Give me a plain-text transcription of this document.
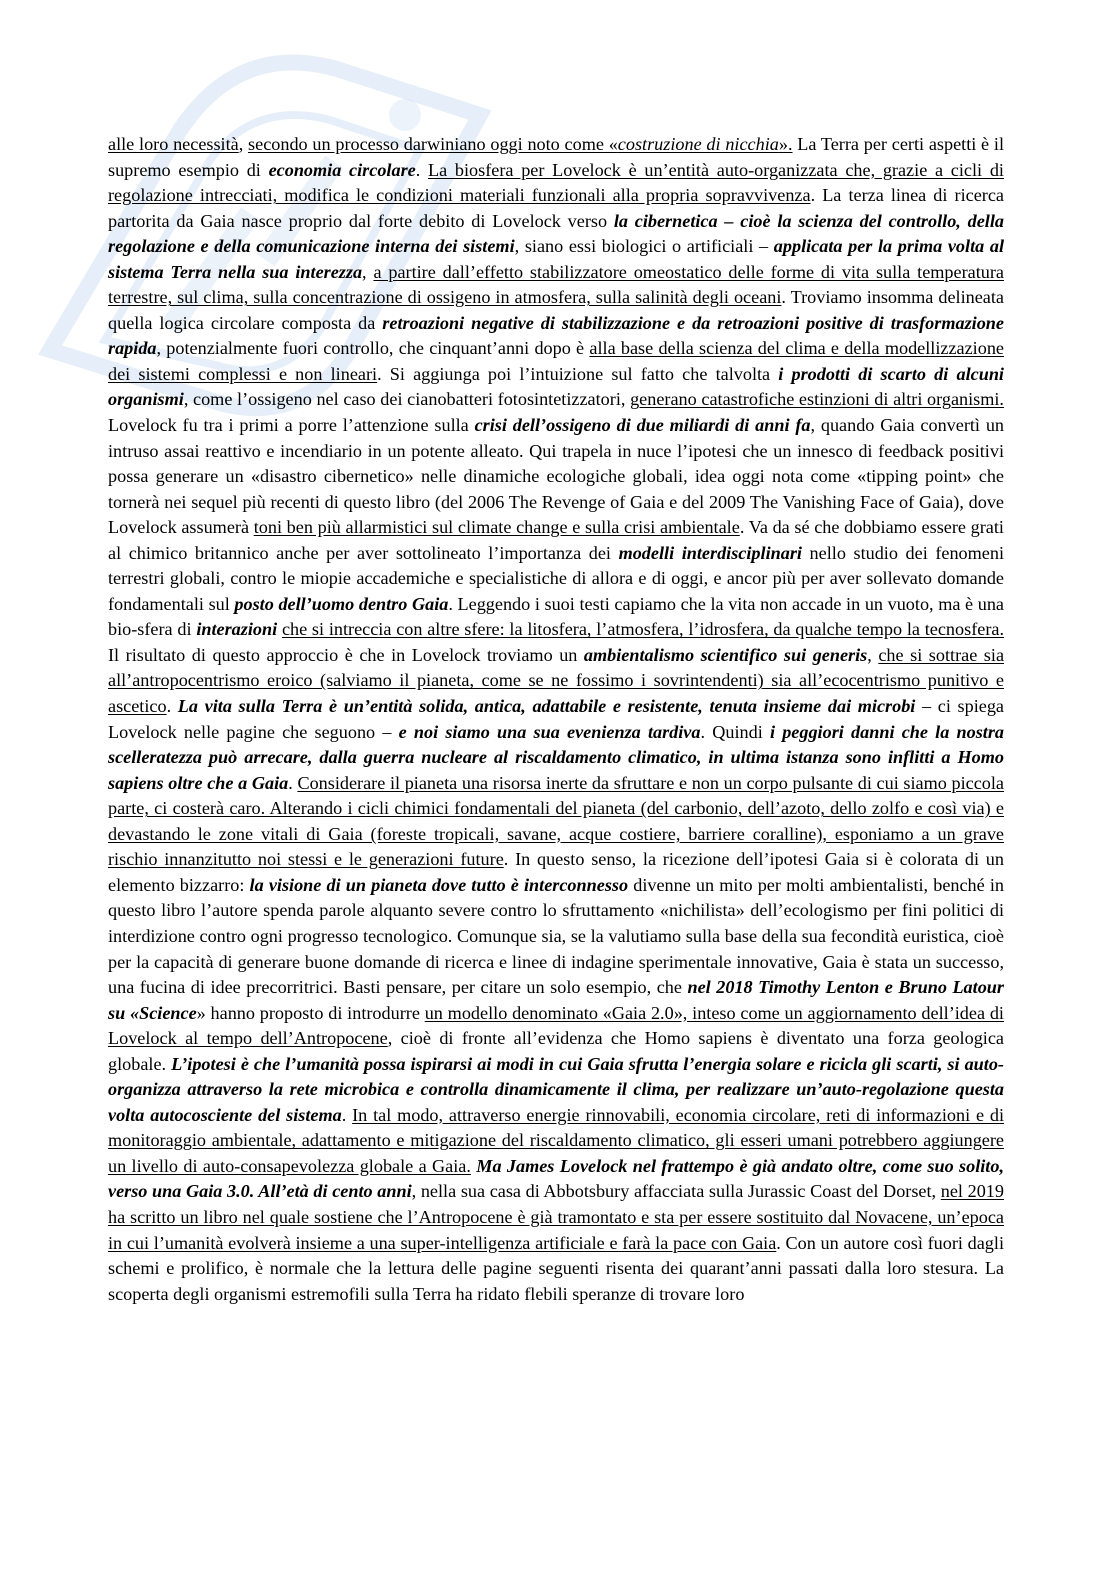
alle loro necessità, secondo un processo darwiniano oggi noto come «costruzione di nicchia». La Terra per certi aspetti è il supremo esempio di economia circolare. La biosfera per Lovelock è un’entità auto-organizzata che, grazie a cicli di regolazione intrecciati, modifica le condizioni materiali funzionali alla propria sopravvivenza. La terza linea di ricerca partorita da Gaia nasce proprio dal forte debito di Lovelock verso la cibernetica – cioè la scienza del controllo, della regolazione e della comunicazione interna dei sistemi, siano essi biologici o artificiali – applicata per la prima volta al sistema Terra nella sua interezza, a partire dall’effetto stabilizzatore omeostatico delle forme di vita sulla temperatura terrestre, sul clima, sulla concentrazione di ossigeno in atmosfera, sulla salinità degli oceani. Troviamo insomma delineata quella logica circolare composta da retroazioni negative di stabilizzazione e da retroazioni positive di trasformazione rapida, potenzialmente fuori controllo, che cinquant’anni dopo è alla base della scienza del clima e della modellizzazione dei sistemi complessi e non lineari. Si aggiunga poi l’intuizione sul fatto che talvolta i prodotti di scarto di alcuni organismi, come l’ossigeno nel caso dei cianobatteri fotosintetizzatori, generano catastrofiche estinzioni di altri organismi. Lovelock fu tra i primi a porre l’attenzione sulla crisi dell’ossigeno di due miliardi di anni fa, quando Gaia convertì un intruso assai reattivo e incendiario in un potente alleato. Qui trapela in nuce l’ipotesi che un innesco di feedback positivi possa generare un «disastro cibernetico» nelle dinamiche ecologiche globali, idea oggi nota come «tipping point» che tornerà nei sequel più recenti di questo libro (del 2006 The Revenge of Gaia e del 2009 The Vanishing Face of Gaia), dove Lovelock assumerà toni ben più allarmistici sul climate change e sulla crisi ambientale. Va da sé che dobbiamo essere grati al chimico britannico anche per aver sottolineato l’importanza dei modelli interdisciplinari nello studio dei fenomeni terrestri globali, contro le miopie accademiche e specialistiche di allora e di oggi, e ancor più per aver sollevato domande fondamentali sul posto dell’uomo dentro Gaia. Leggendo i suoi testi capiamo che la vita non accade in un vuoto, ma è una bio-sfera di interazioni che si intreccia con altre sfere: la litosfera, l’atmosfera, l’idrosfera, da qualche tempo la tecnosfera. Il risultato di questo approccio è che in Lovelock troviamo un ambientalismo scientifico sui generis, che si sottrae sia all’antropocentrismo eroico (salviamo il pianeta, come se ne fossimo i sovrintendenti) sia all’ecocentrismo punitivo e ascetico. La vita sulla Terra è un’entità solida, antica, adattabile e resistente, tenuta insieme dai microbi – ci spiega Lovelock nelle pagine che seguono – e noi siamo una sua evenienza tardiva. Quindi i peggiori danni che la nostra scelleratezza può arrecare, dalla guerra nucleare al riscaldamento climatico, in ultima istanza sono inflitti a Homo sapiens oltre che a Gaia. Considerare il pianeta una risorsa inerte da sfruttare e non un corpo pulsante di cui siamo piccola parte, ci costerà caro. Alterando i cicli chimici fondamentali del pianeta (del carbonio, dell’azoto, dello zolfo e così via) e devastando le zone vitali di Gaia (foreste tropicali, savane, acque costiere, barriere coralline), esponiamo a un grave rischio innanzitutto noi stessi e le generazioni future. In questo senso, la ricezione dell’ipotesi Gaia si è colorata di un elemento bizzarro: la visione di un pianeta dove tutto è interconnesso divenne un mito per molti ambientalisti, benché in questo libro l’autore spenda parole alquanto severe contro lo sfruttamento «nichilista» dell’ecologismo per fini politici di interdizione contro ogni progresso tecnologico. Comunque sia, se la valutiamo sulla base della sua fecondità euristica, cioè per la capacità di generare buone domande di ricerca e linee di indagine sperimentale innovative, Gaia è stata un successo, una fucina di idee precorritrici. Basti pensare, per citare un solo esempio, che nel 2018 Timothy Lenton e Bruno Latour su «Science» hanno proposto di introdurre un modello denominato «Gaia 2.0», inteso come un aggiornamento dell’idea di Lovelock al tempo dell’Antropocene, cioè di fronte all’evidenza che Homo sapiens è diventato una forza geologica globale. L’ipotesi è che l’umanità possa ispirarsi ai modi in cui Gaia sfrutta l’energia solare e ricicla gli scarti, si auto-organizza attraverso la rete microbica e controlla dinamicamente il clima, per realizzare un’auto-regolazione questa volta autocosciente del sistema. In tal modo, attraverso energie rinnovabili, economia circolare, reti di informazioni e di monitoraggio ambientale, adattamento e mitigazione del riscaldamento climatico, gli esseri umani potrebbero aggiungere un livello di auto-consapevolezza globale a Gaia. Ma James Lovelock nel frattempo è già andato oltre, come suo solito, verso una Gaia 3.0. All’età di cento anni, nella sua casa di Abbotsbury affacciata sulla Jurassic Coast del Dorset, nel 2019 ha scritto un libro nel quale sostiene che l’Antropocene è già tramontato e sta per essere sostituito dal Novacene, un’epoca in cui l’umanità evolverà insieme a una super-intelligenza artificiale e farà la pace con Gaia. Con un autore così fuori dagli schemi e prolifico, è normale che la lettura delle pagine seguenti risenta dei quarant’anni passati dalla loro stesura. La scoperta degli organismi estremofili sulla Terra ha ridato flebili speranze di trovare loro
